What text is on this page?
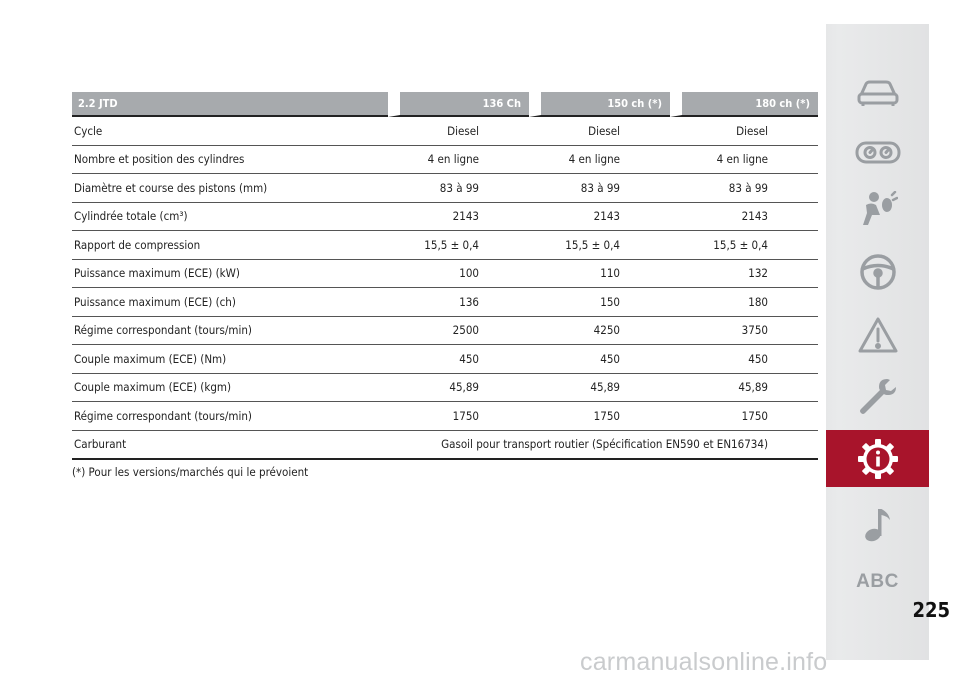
2.2 JTD	136 Ch	150 ch (*)	180 ch (*)
Cycle	Diesel	Diesel	Diesel
Nombre et position des cylindres	4 en ligne	4 en ligne	4 en ligne
Diamètre et course des pistons (mm)	83 à 99	83 à 99	83 à 99
Cylindrée totale (cm³)	2143	2143	2143
Rapport de compression	15,5 ± 0,4	15,5 ± 0,4	15,5 ± 0,4
Puissance maximum (ECE) (kW)	100	110	132
Puissance maximum (ECE) (ch)	136	150	180
Régime correspondant (tours/min)	2500	4250	3750
Couple maximum (ECE) (Nm)	450	450	450
Couple maximum (ECE) (kgm)	45,89	45,89	45,89
Régime correspondant (tours/min)	1750	1750	1750
Carburant	Gasoil pour transport routier (Spécification EN590 et EN16734)		
(*) Pour les versions/marchés qui le prévoient
ABC
225
carmanualsonline.info
